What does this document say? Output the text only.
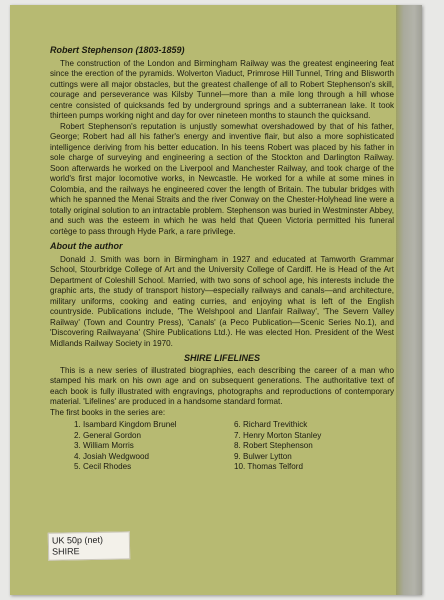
Robert Stephenson (1803-1859)

The construction of the London and Birmingham Railway was the greatest engineering feat since the erection of the pyramids. Wolverton Viaduct, Primrose Hill Tunnel, Tring and Blisworth cuttings were all major obstacles, but the greatest challenge of all to Robert Stephenson's skill, courage and perseverance was Kilsby Tunnel—more than a mile long through a hill whose centre consisted of quicksands fed by underground springs and a subterranean lake. It took thirteen pumps working night and day for over nineteen months to staunch the quicksand.

Robert Stephenson's reputation is unjustly somewhat overshadowed by that of his father, George; Robert had all his father's energy and inventive flair, but also a more sophisticated intelligence deriving from his better education. In his teens Robert was placed by his father in sole charge of surveying and engineering a section of the Stockton and Darlington Railway. Soon afterwards he worked on the Liverpool and Manchester Railway, and took charge of the world's first major locomotive works, in Newcastle. He worked for a while at some mines in Colombia, and the railways he engineered cover the length of Britain. The tubular bridges with which he spanned the Menai Straits and the river Conway on the Chester-Holyhead line were a totally original solution to an intractable problem. Stephenson was buried in Westminster Abbey, and such was the esteem in which he was held that Queen Victoria permitted his funeral cortège to pass through Hyde Park, a rare privilege.

About the author

Donald J. Smith was born in Birmingham in 1927 and educated at Tamworth Grammar School, Stourbridge College of Art and the University College of Cardiff. He is Head of the Art Department of Coleshill School. Married, with two sons of school age, his interests include the graphic arts, the study of transport history—especially railways and canals—and architecture, military uniforms, cooking and eating curries, and enjoying what is left of the English countryside. Publications include, 'The Welshpool and Llanfair Railway', 'The Severn Valley Railway' (Town and Country Press), 'Canals' (a Peco Publication—Scenic Series No.1), and 'Discovering Railwayana' (Shire Publications Ltd.). He was elected Hon. President of the West Midlands Railway Society in 1970.

SHIRE LIFELINES

This is a new series of illustrated biographies, each describing the career of a man who stamped his mark on his own age and on subsequent generations. The authoritative text of each book is fully illustrated with engravings, photographs and reproductions of contemporary material. 'Lifelines' are produced in a handsome standard format.

The first books in the series are:

1. Isambard Kingdom Brunel
2. General Gordon
3. William Morris
4. Josiah Wedgwood
5. Cecil Rhodes
6. Richard Trevithick
7. Henry Morton Stanley
8. Robert Stephenson
9. Bulwer Lytton
10. Thomas Telford
UK 50p (net)
SHIRE
